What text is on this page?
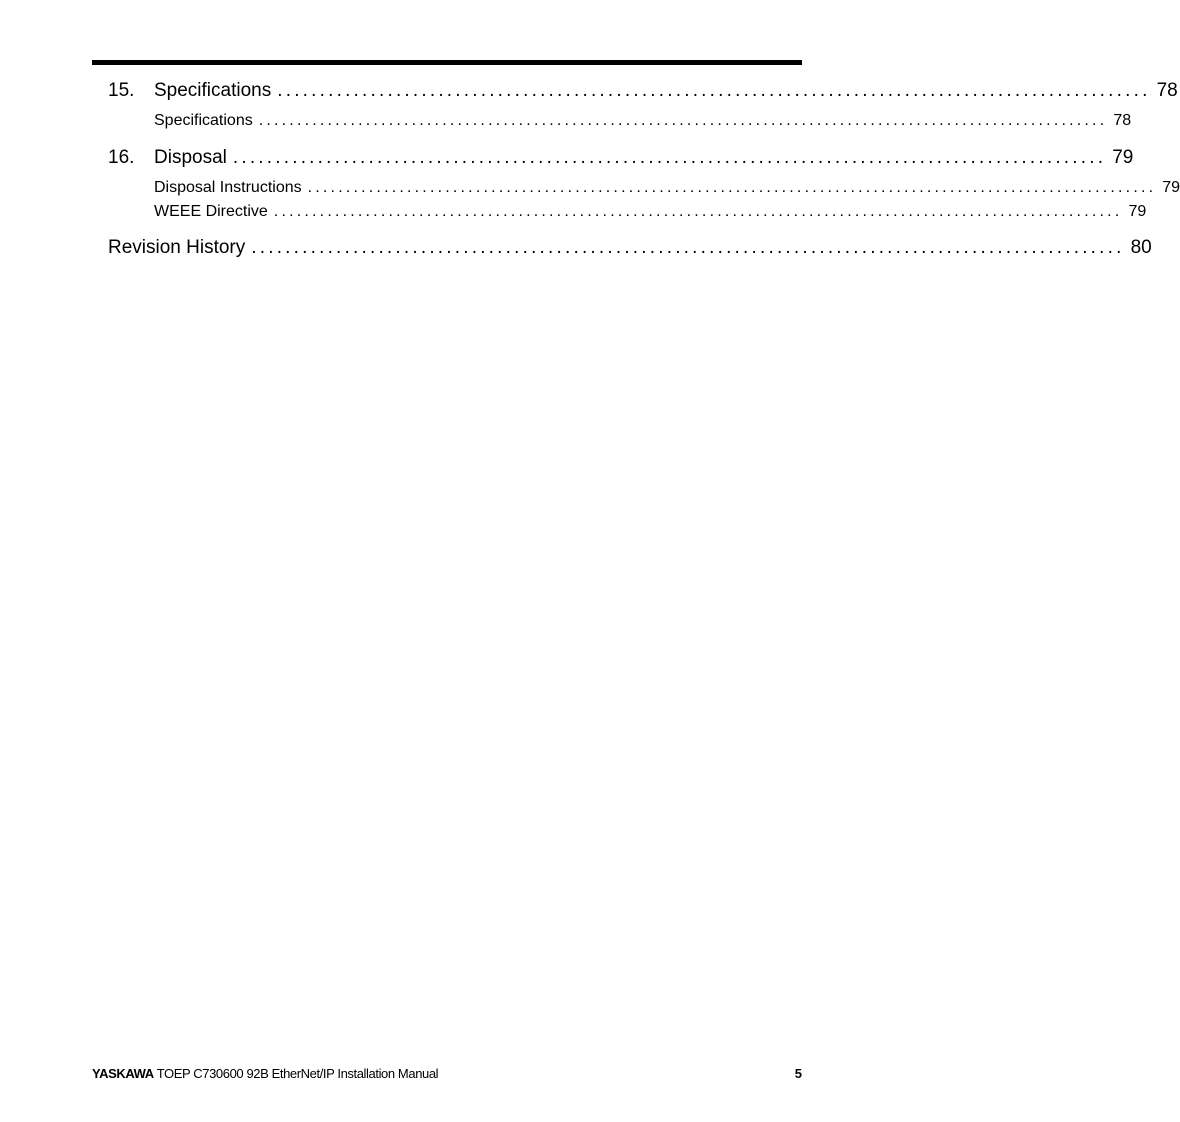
15. Specifications ....................................................................................................... 78
Specifications ............................................................................................................... 78
16. Disposal ....................................................................................................... 79
Disposal Instructions ............................................................................................................... 79
WEEE Directive ............................................................................................................... 79
Revision History ....................................................................................................... 80
YASKAWA TOEP C730600 92B EtherNet/IP Installation Manual	5
